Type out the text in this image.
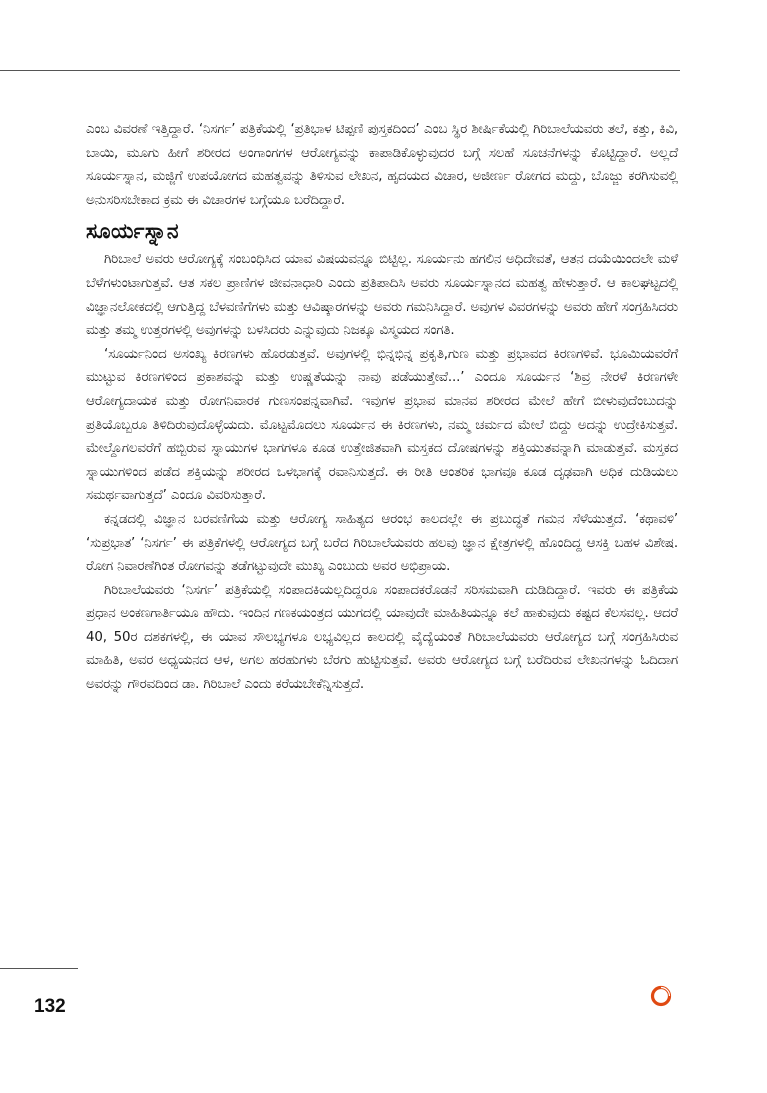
ಎಂಬ ವಿವರಣೆ ಇತ್ತಿದ್ದಾರೆ. ‘ನಿಸರ್ಗ’ ಪತ್ರಿಕೆಯಲ್ಲಿ ‘ಪ್ರತಿಭಾಳ ಟಿಪ್ಪಣಿ ಪುಸ್ತಕದಿಂದ’ ಎಂಬ ಸ್ಥಿರ ಶೀರ್ಷಿಕೆಯಲ್ಲಿ ಗಿರಿಬಾಲೆಯವರು ತಲೆ, ಕತ್ತು, ಕಿವಿ, ಬಾಯಿ, ಮೂಗು ಹೀಗೆ ಶರೀರದ ಅಂಗಾಂಗಗಳ ಆರೋಗ್ಯವನ್ನು ಕಾಪಾಡಿಕೊಳ್ಳುವುದರ ಬಗ್ಗೆ ಸಲಹೆ ಸೂಚನೆಗಳನ್ನು ಕೊಟ್ಟಿದ್ದಾರೆ. ಅಲ್ಲದೆ ಸೂರ್ಯಸ್ನಾನ, ಮಜ್ಜಿಗೆ ಉಪಯೋಗದ ಮಹತ್ವವನ್ನು ತಿಳಿಸುವ ಲೇಖನ, ಹೃದಯದ ವಿಚಾರ, ಅಜೀರ್ಣ ರೋಗದ ಮದ್ದು, ಬೊಜ್ಜು ಕರಗಿಸುವಲ್ಲಿ ಅನುಸರಿಸಬೇಕಾದ ಕ್ರಮ ಈ ವಿಚಾರಗಳ ಬಗ್ಗೆಯೂ ಬರೆದಿದ್ದಾರೆ.

ಸೂರ್ಯಸ್ನಾನ

ಗಿರಿಬಾಲೆ ಅವರು ಆರೋಗ್ಯಕ್ಕೆ ಸಂಬಂಧಿಸಿದ ಯಾವ ವಿಷಯವನ್ನೂ ಬಿಟ್ಟಿಲ್ಲ. ಸೂರ್ಯನು ಹಗಲಿನ ಅಧಿದೇವತೆ, ಆತನ ದಯೆಯಿಂದಲೇ ಮಳೆ ಬೆಳೆಗಳುಂಟಾಗುತ್ತವೆ. ಆತ ಸಕಲ ಪ್ರಾಣಿಗಳ ಜೀವನಾಧಾರಿ ಎಂದು ಪ್ರತಿಪಾದಿಸಿ ಅವರು ಸೂರ್ಯಸ್ನಾನದ ಮಹತ್ವ ಹೇಳುತ್ತಾರೆ. ಆ ಕಾಲಘಟ್ಟದಲ್ಲಿ ವಿಜ್ಞಾನಲೋಕದಲ್ಲಿ ಆಗುತ್ತಿದ್ದ ಬೆಳವಣಿಗೆಗಳು ಮತ್ತು ಆವಿಷ್ಕಾರಗಳನ್ನು ಅವರು ಗಮನಿಸಿದ್ದಾರೆ. ಅವುಗಳ ವಿವರಗಳನ್ನು ಅವರು ಹೇಗೆ ಸಂಗ್ರಹಿಸಿದರು ಮತ್ತು ತಮ್ಮ ಉತ್ತರಗಳಲ್ಲಿ ಅವುಗಳನ್ನು ಬಳಸಿದರು ಎನ್ನುವುದು ನಿಜಕ್ಕೂ ವಿಸ್ಮಯದ ಸಂಗತಿ.

‘ಸೂರ್ಯನಿಂದ ಅಸಂಖ್ಯ ಕಿರಣಗಳು ಹೊರಡುತ್ತವೆ. ಅವುಗಳಲ್ಲಿ ಭಿನ್ನಭಿನ್ನ ಪ್ರಕೃತಿ,ಗುಣ ಮತ್ತು ಪ್ರಭಾವದ ಕಿರಣಗಳಿವೆ. ಭೂಮಿಯವರೆಗೆ ಮುಟ್ಟುವ ಕಿರಣಗಳಿಂದ ಪ್ರಕಾಶವನ್ನು ಮತ್ತು ಉಷ್ಣತೆಯನ್ನು ನಾವು ಪಡೆಯುತ್ತೇವೆ...’ ಎಂದೂ ಸೂರ್ಯನ ‘ಶಿವ್ರ ನೇರಳೆ ಕಿರಣಗಳೇ ಆರೋಗ್ಯದಾಯಕ ಮತ್ತು ರೋಗನಿವಾರಕ ಗುಣಸಂಪನ್ನವಾಗಿವೆ. ಇವುಗಳ ಪ್ರಭಾವ ಮಾನವ ಶರೀರದ ಮೇಲೆ ಹೇಗೆ ಬೀಳುವುದೆಂಬುದನ್ನು ಪ್ರತಿಯೊಬ್ಬರೂ ತಿಳಿದಿರುವುದೊಳ್ಳೆಯದು. ಮೊಟ್ಟಮೊದಲು ಸೂರ್ಯನ ಈ ಕಿರಣಗಳು, ನಮ್ಮ ಚರ್ಮದ ಮೇಲೆ ಬಿದ್ದು ಅದನ್ನು ಉದ್ರೇಕಿಸುತ್ತವೆ. ಮೇಲ್ದೊಗಲವರೆಗೆ ಹಬ್ಬಿರುವ ಸ್ನಾಯುಗಳ ಭಾಗಗಳೂ ಕೂಡ ಉತ್ತೇಜಿತವಾಗಿ ಮಸ್ತಕದ ದೋಷಗಳನ್ನು ಶಕ್ತಿಯುತವನ್ನಾಗಿ ಮಾಡುತ್ತವೆ. ಮಸ್ತಕದ ಸ್ನಾಯುಗಳಿಂದ ಪಡೆದ ಶಕ್ತಿಯನ್ನು ಶರೀರದ ಒಳಭಾಗಕ್ಕೆ ರವಾನಿಸುತ್ತದೆ. ಈ ರೀತಿ ಆಂತರಿಕ ಭಾಗವೂ ಕೂಡ ದೃಢವಾಗಿ ಅಧಿಕ ದುಡಿಯಲು ಸಮರ್ಥವಾಗುತ್ತದೆ’ ಎಂದೂ ವಿವರಿಸುತ್ತಾರೆ.

ಕನ್ನಡದಲ್ಲಿ ವಿಜ್ಞಾನ ಬರವಣಿಗೆಯ ಮತ್ತು ಆರೋಗ್ಯ ಸಾಹಿತ್ಯದ ಆರಂಭ ಕಾಲದಲ್ಲೇ ಈ ಪ್ರಬುದ್ಧತೆ ಗಮನ ಸೆಳೆಯುತ್ತದೆ. ‘ಕಥಾವಳಿ’ ‘ಸುಪ್ರಭಾತ’ ‘ನಿಸರ್ಗ’ ಈ ಪತ್ರಿಕೆಗಳಲ್ಲಿ ಆರೋಗ್ಯದ ಬಗ್ಗೆ ಬರೆದ ಗಿರಿಬಾಲೆಯವರು ಹಲವು ಜ್ಞಾನ ಕ್ಷೇತ್ರಗಳಲ್ಲಿ ಹೊಂದಿದ್ದ ಆಸಕ್ತಿ ಬಹಳ ವಿಶೇಷ. ರೋಗ ನಿವಾರಣೆಗಿಂತ ರೋಗವನ್ನು ತಡೆಗಟ್ಟುವುದೇ ಮುಖ್ಯ ಎಂಬುದು ಅವರ ಅಭಿಪ್ರಾಯ.

ಗಿರಿಬಾಲೆಯವರು ‘ನಿಸರ್ಗ’ ಪತ್ರಿಕೆಯಲ್ಲಿ ಸಂಪಾದಕಿಯಲ್ಲದಿದ್ದರೂ ಸಂಪಾದಕರೊಡನೆ ಸರಿಸಮವಾಗಿ ದುಡಿದಿದ್ದಾರೆ. ಇವರು ಈ ಪತ್ರಿಕೆಯ ಪ್ರಧಾನ ಅಂಕಣಗಾರ್ತಿಯೂ ಹೌದು. ಇಂದಿನ ಗಣಕಯಂತ್ರದ ಯುಗದಲ್ಲಿ ಯಾವುದೇ ಮಾಹಿತಿಯನ್ನೂ ಕಲೆ ಹಾಕುವುದು ಕಷ್ಟದ ಕೆಲಸವಲ್ಲ. ಆದರೆ 40, 50ರ ದಶಕಗಳಲ್ಲಿ, ಈ ಯಾವ ಸೌಲಭ್ಯಗಳೂ ಲಭ್ಯವಿಲ್ಲದ ಕಾಲದಲ್ಲಿ ವೈದ್ಯೆಯಂತೆ ಗಿರಿಬಾಲೆಯವರು ಆರೋಗ್ಯದ ಬಗ್ಗೆ ಸಂಗ್ರಹಿಸಿರುವ ಮಾಹಿತಿ, ಅವರ ಅಧ್ಯಯನದ ಆಳ, ಅಗಲ ಹರಹುಗಳು ಬೆರಗು ಹುಟ್ಟಿಸುತ್ತವೆ. ಅವರು ಆರೋಗ್ಯದ ಬಗ್ಗೆ ಬರೆದಿರುವ ಲೇಖನಗಳನ್ನು ಓದಿದಾಗ ಅವರನ್ನು ಗೌರವದಿಂದ ಡಾ. ಗಿರಿಬಾಲೆ ಎಂದು ಕರೆಯಬೇಕೆನ್ನಿಸುತ್ತದೆ.

132
